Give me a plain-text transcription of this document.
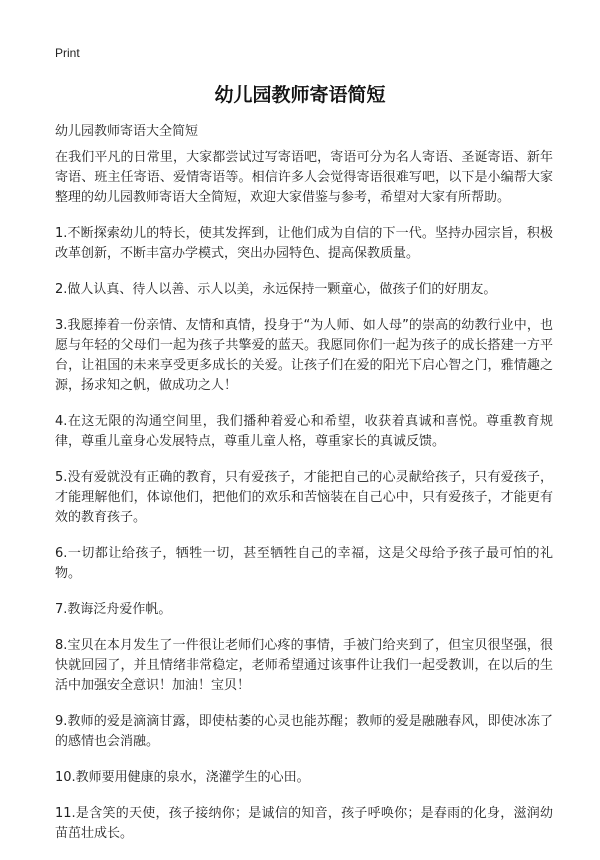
Print
幼儿园教师寄语简短

幼儿园教师寄语大全简短

在我们平凡的日常里，大家都尝试过写寄语吧，寄语可分为名人寄语、圣诞寄语、新年寄语、班主任寄语、爱情寄语等。相信许多人会觉得寄语很难写吧，以下是小编帮大家整理的幼儿园教师寄语大全简短，欢迎大家借鉴与参考，希望对大家有所帮助。

1.不断探索幼儿的特长，使其发挥到，让他们成为自信的下一代。坚持办园宗旨，积极改革创新，不断丰富办学模式，突出办园特色、提高保教质量。

2.做人认真、待人以善、示人以美，永远保持一颗童心，做孩子们的好朋友。

3.我愿捧着一份亲情、友情和真情，投身于“为人师、如人母”的崇高的幼教行业中，也愿与年轻的父母们一起为孩子共擎爱的蓝天。我愿同你们一起为孩子的成长搭建一方平台，让祖国的未来享受更多成长的关爱。让孩子们在爱的阳光下启心智之门，雅情趣之源，扬求知之帆，做成功之人！

4.在这无限的沟通空间里，我们播种着爱心和希望，收获着真诚和喜悦。尊重教育规律，尊重儿童身心发展特点，尊重儿童人格，尊重家长的真诚反馈。

5.没有爱就没有正确的教育，只有爱孩子，才能把自己的心灵献给孩子，只有爱孩子，才能理解他们，体谅他们，把他们的欢乐和苦恼装在自己心中，只有爱孩子，才能更有效的教育孩子。

6.一切都让给孩子，牺牲一切，甚至牺牲自己的幸福，这是父母给予孩子最可怕的礼物。

7.教诲泛舟爱作帆。

8.宝贝在本月发生了一件很让老师们心疼的事情，手被门给夹到了，但宝贝很坚强，很快就回园了，并且情绪非常稳定，老师希望通过该事件让我们一起受教训，在以后的生活中加强安全意识！加油！宝贝！

9.教师的爱是滴滴甘露，即使枯萎的心灵也能苏醒；教师的爱是融融春风，即使冰冻了的感情也会消融。

10.教师要用健康的泉水，浇灌学生的心田。

11.是含笑的天使，孩子接纳你；是诚信的知音，孩子呼唤你；是春雨的化身，滋润幼苗茁壮成长。
